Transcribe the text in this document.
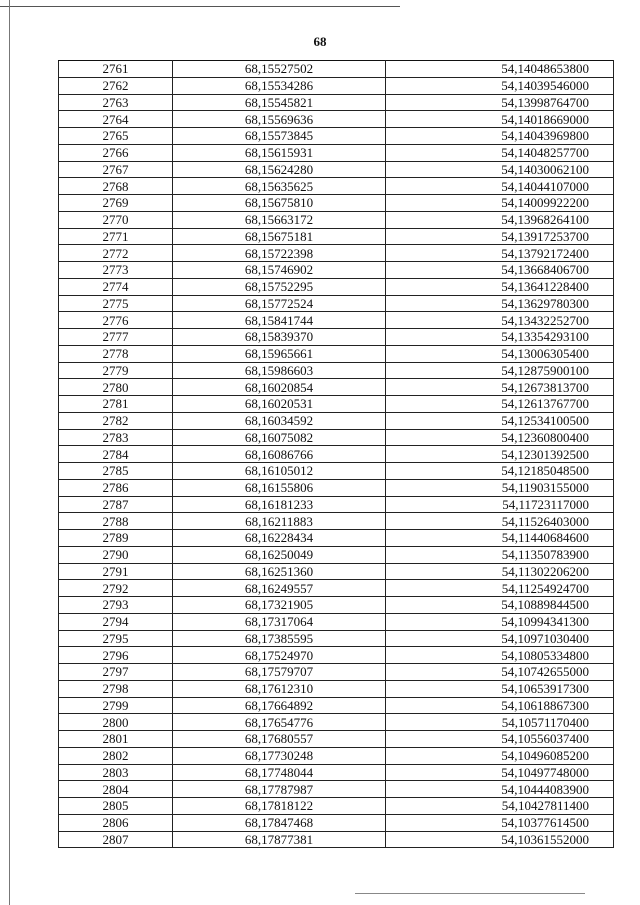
68
2761	68,15527502	54,14048653800
2762	68,15534286	54,14039546000
2763	68,15545821	54,13998764700
2764	68,15569636	54,14018669000
2765	68,15573845	54,14043969800
2766	68,15615931	54,14048257700
2767	68,15624280	54,14030062100
2768	68,15635625	54,14044107000
2769	68,15675810	54,14009922200
2770	68,15663172	54,13968264100
2771	68,15675181	54,13917253700
2772	68,15722398	54,13792172400
2773	68,15746902	54,13668406700
2774	68,15752295	54,13641228400
2775	68,15772524	54,13629780300
2776	68,15841744	54,13432252700
2777	68,15839370	54,13354293100
2778	68,15965661	54,13006305400
2779	68,15986603	54,12875900100
2780	68,16020854	54,12673813700
2781	68,16020531	54,12613767700
2782	68,16034592	54,12534100500
2783	68,16075082	54,12360800400
2784	68,16086766	54,12301392500
2785	68,16105012	54,12185048500
2786	68,16155806	54,11903155000
2787	68,16181233	54,11723117000
2788	68,16211883	54,11526403000
2789	68,16228434	54,11440684600
2790	68,16250049	54,11350783900
2791	68,16251360	54,11302206200
2792	68,16249557	54,11254924700
2793	68,17321905	54,10889844500
2794	68,17317064	54,10994341300
2795	68,17385595	54,10971030400
2796	68,17524970	54,10805334800
2797	68,17579707	54,10742655000
2798	68,17612310	54,10653917300
2799	68,17664892	54,10618867300
2800	68,17654776	54,10571170400
2801	68,17680557	54,10556037400
2802	68,17730248	54,10496085200
2803	68,17748044	54,10497748000
2804	68,17787987	54,10444083900
2805	68,17818122	54,10427811400
2806	68,17847468	54,10377614500
2807	68,17877381	54,10361552000
